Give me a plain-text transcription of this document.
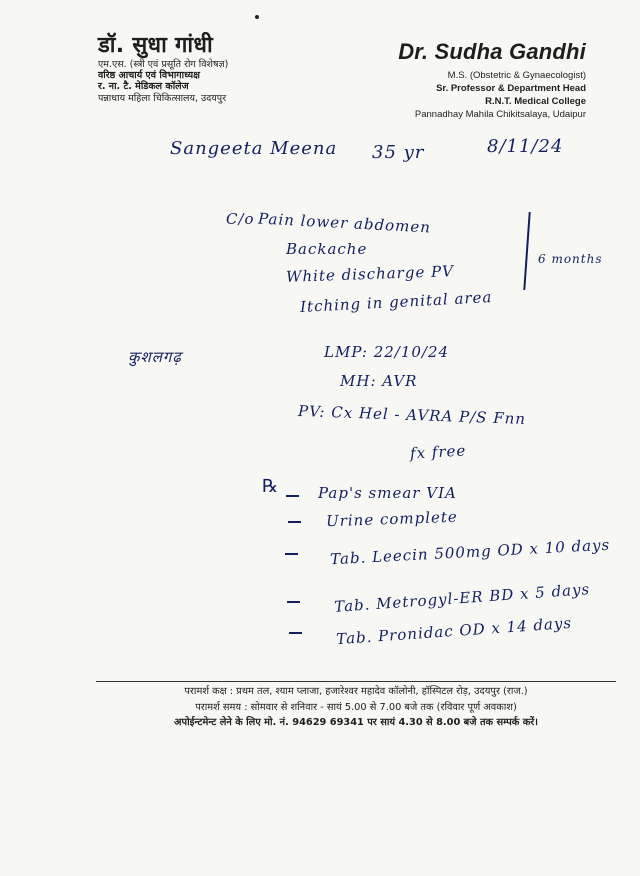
डॉ. सुधा गांधी
एम.एस. (स्त्री एवं प्रसूति रोग विशेषज्ञ)
वरिष्ठ आचार्य एवं विभागाध्यक्ष
र. ना. टै. मेडिकल कॉलेज
पन्नाधाय महिला चिकित्सालय, उदयपुर
Dr. Sudha Gandhi
M.S. (Obstetric & Gynaecologist)
Sr. Professor & Department Head
R.N.T. Medical College
Pannadhay Mahila Chikitsalaya, Udaipur
Sangeeta Meena 35 yr	8/11/24
C/o Pain lower abdomen
Backache
White discharge PV
Itching in genital area
6 months
कुशलगढ़	LMP: 22/10/24
MH: AVR
PV: Cx Hel - AVRA P/S Fnn
fx free
℞	Pap's smear VIA
Urine complete
Tab. Leecin 500mg OD x 10 days
Tab. Metrogyl-ER BD x 5 days
Tab. Pronidac OD x 14 days
परामर्श कक्ष : प्रथम तल, श्याम प्लाजा, हजारेश्वर महादेव कॉलोनी, हॉस्पिटल रोड़, उदयपुर (राज.)
परामर्श समय : सोमवार से शनिवार - सायं 5.00 से 7.00 बजे तक (रविवार पूर्ण अवकाश)
अपोईन्टमेन्ट लेने के लिए मो. नं. 94629 69341 पर सायं 4.30 से 8.00 बजे तक सम्पर्क करें।
